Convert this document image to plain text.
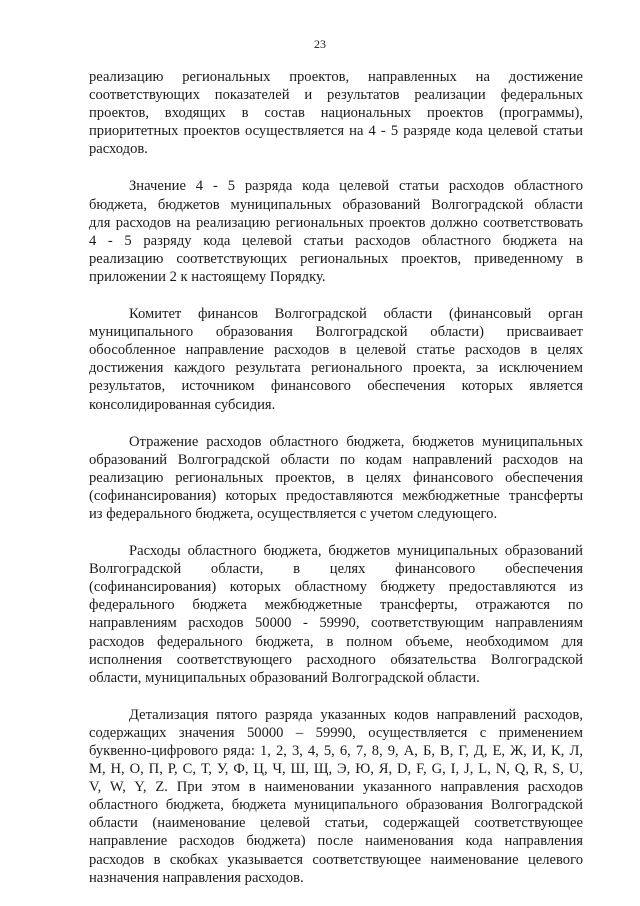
23
реализацию региональных проектов, направленных на достижение
соответствующих показателей и результатов реализации федеральных
проектов, входящих в состав национальных проектов (программы),
приоритетных проектов осуществляется на 4 - 5 разряде кода целевой статьи
расходов.
Значение 4 - 5 разряда кода целевой статьи расходов областного
бюджета, бюджетов муниципальных образований Волгоградской области
для расходов на реализацию региональных проектов должно соответствовать
4 - 5 разряду кода целевой статьи расходов областного бюджета на
реализацию соответствующих региональных проектов, приведенному в
приложении 2 к настоящему Порядку.
Комитет финансов Волгоградской области (финансовый орган
муниципального образования Волгоградской области) присваивает
обособленное направление расходов в целевой статье расходов в целях
достижения каждого результата регионального проекта, за исключением
результатов, источником финансового обеспечения которых является
консолидированная субсидия.
Отражение расходов областного бюджета, бюджетов муниципальных
образований Волгоградской области по кодам направлений расходов на
реализацию региональных проектов, в целях финансового обеспечения
(софинансирования) которых предоставляются межбюджетные трансферты
из федерального бюджета, осуществляется с учетом следующего.
Расходы областного бюджета, бюджетов муниципальных образований
Волгоградской области, в целях финансового обеспечения
(софинансирования) которых областному бюджету предоставляются из
федерального бюджета межбюджетные трансферты, отражаются по
направлениям расходов 50000 - 59990, соответствующим направлениям
расходов федерального бюджета, в полном объеме, необходимом для
исполнения соответствующего расходного обязательства Волгоградской
области, муниципальных образований Волгоградской области.
Детализация пятого разряда указанных кодов направлений расходов,
содержащих значения 50000 – 59990, осуществляется с применением
буквенно-цифрового ряда: 1, 2, 3, 4, 5, 6, 7, 8, 9, А, Б, В, Г, Д, Е, Ж, И, К, Л,
М, Н, О, П, Р, С, Т, У, Ф, Ц, Ч, Ш, Щ, Э, Ю, Я, D, F, G, I, J, L, N, Q, R, S, U,
V, W, Y, Z. При этом в наименовании указанного направления расходов
областного бюджета, бюджета муниципального образования Волгоградской
области (наименование целевой статьи, содержащей соответствующее
направление расходов бюджета) после наименования кода направления
расходов в скобках указывается соответствующее наименование целевого
назначения направления расходов.
